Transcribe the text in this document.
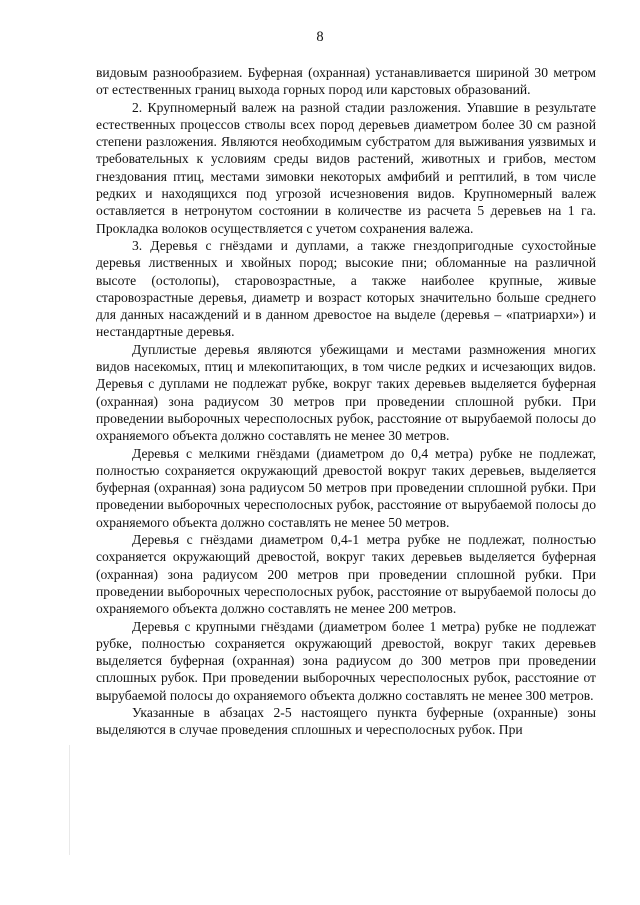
8

видовым разнообразием. Буферная (охранная) устанавливается шириной 30 метром от естественных границ выхода горных пород или карстовых образований.

2. Крупномерный валеж на разной стадии разложения. Упавшие в результате естественных процессов стволы всех пород деревьев диаметром более 30 см разной степени разложения. Являются необходимым субстратом для выживания уязвимых и требовательных к условиям среды видов растений, животных и грибов, местом гнездования птиц, местами зимовки некоторых амфибий и рептилий, в том числе редких и находящихся под угрозой исчезновения видов. Крупномерный валеж оставляется в нетронутом состоянии в количестве из расчета 5 деревьев на 1 га. Прокладка волоков осуществляется с учетом сохранения валежа.

3. Деревья с гнёздами и дуплами, а также гнездопригодные сухостойные деревья лиственных и хвойных пород; высокие пни; обломанные на различной высоте (остолопы), старовозрастные, а также наиболее крупные, живые старовозрастные деревья, диаметр и возраст которых значительно больше среднего для данных насаждений и в данном древостое на выделе (деревья – «патриархи») и нестандартные деревья.

Дуплистые деревья являются убежищами и местами размножения многих видов насекомых, птиц и млекопитающих, в том числе редких и исчезающих видов. Деревья с дуплами не подлежат рубке, вокруг таких деревьев выделяется буферная (охранная) зона радиусом 30 метров при проведении сплошной рубки. При проведении выборочных чересполосных рубок, расстояние от вырубаемой полосы до охраняемого объекта должно составлять не менее 30 метров.

Деревья с мелкими гнёздами (диаметром до 0,4 метра) рубке не подлежат, полностью сохраняется окружающий древостой вокруг таких деревьев, выделяется буферная (охранная) зона радиусом 50 метров при проведении сплошной рубки. При проведении выборочных чересполосных рубок, расстояние от вырубаемой полосы до охраняемого объекта должно составлять не менее 50 метров.

Деревья с гнёздами диаметром 0,4-1 метра рубке не подлежат, полностью сохраняется окружающий древостой, вокруг таких деревьев выделяется буферная (охранная) зона радиусом 200 метров при проведении сплошной рубки. При проведении выборочных чересполосных рубок, расстояние от вырубаемой полосы до охраняемого объекта должно составлять не менее 200 метров.

Деревья с крупными гнёздами (диаметром более 1 метра) рубке не подлежат рубке, полностью сохраняется окружающий древостой, вокруг таких деревьев выделяется буферная (охранная) зона радиусом до 300 метров при проведении сплошных рубок. При проведении выборочных чересполосных рубок, расстояние от вырубаемой полосы до охраняемого объекта должно составлять не менее 300 метров.

Указанные в абзацах 2-5 настоящего пункта буферные (охранные) зоны выделяются в случае проведения сплошных и чересполосных рубок. При
